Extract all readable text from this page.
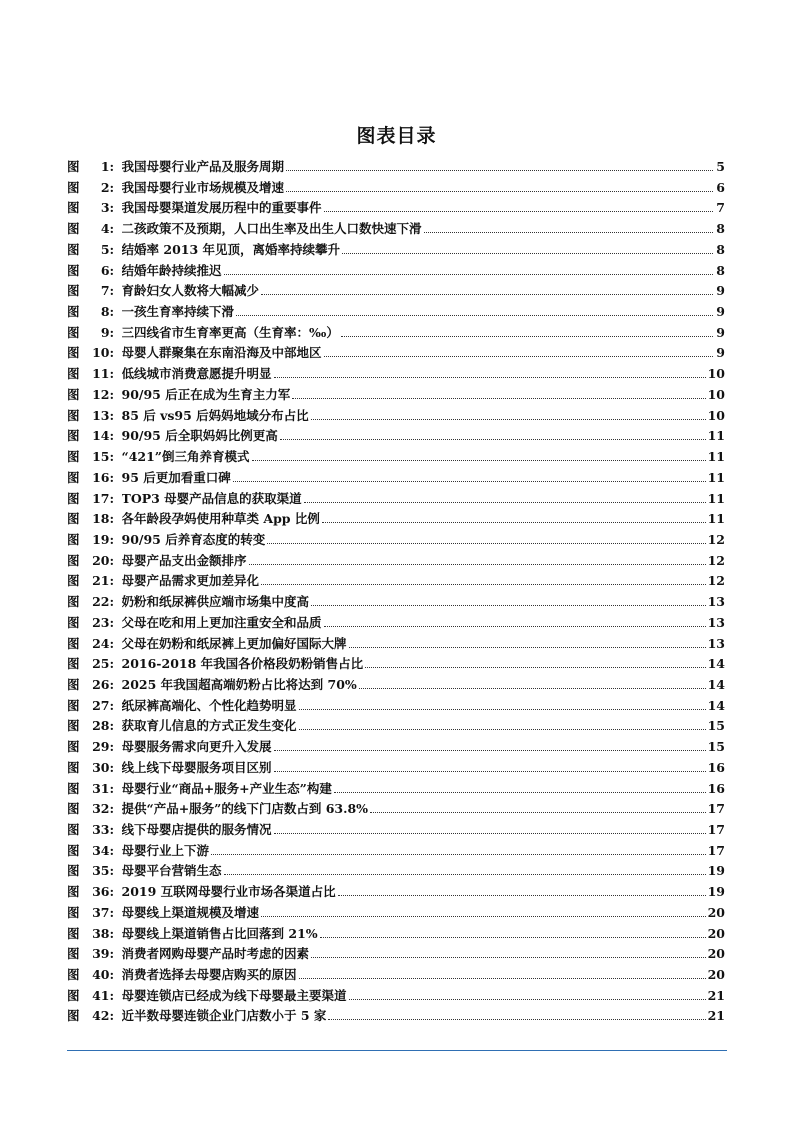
图表目录
图	1 : 我国母婴行业产品及服务周期	5
图	2 : 我国母婴行业市场规模及增速	6
图	3 : 我国母婴渠道发展历程中的重要事件	7
图	4 : 二孩政策不及预期，人口出生率及出生人口数快速下滑	8
图	5 : 结婚率 2013 年见顶，离婚率持续攀升	8
图	6 : 结婚年龄持续推迟	8
图	7 : 育龄妇女人数将大幅减少	9
图	8 : 一孩生育率持续下滑	9
图	9 : 三四线省市生育率更高（生育率：‰）	9
图	10 : 母婴人群聚集在东南沿海及中部地区	9
图	11 : 低线城市消费意愿提升明显	10
图	12 : 90/95 后正在成为生育主力军	10
图	13 : 85 后 vs95 后妈妈地域分布占比	10
图	14 : 90/95 后全职妈妈比例更高	11
图	15 : “421”倒三角养育模式	11
图	16 : 95 后更加看重口碑	11
图	17 : TOP3 母婴产品信息的获取渠道	11
图	18 : 各年龄段孕妈使用种草类 App 比例	11
图	19 : 90/95 后养育态度的转变	12
图	20 : 母婴产品支出金额排序	12
图	21 : 母婴产品需求更加差异化	12
图	22 : 奶粉和纸尿裤供应端市场集中度高	13
图	23 : 父母在吃和用上更加注重安全和品质	13
图	24 : 父母在奶粉和纸尿裤上更加偏好国际大牌	13
图	25 : 2016-2018 年我国各价格段奶粉销售占比	14
图	26 : 2025 年我国超高端奶粉占比将达到 70%	14
图	27 : 纸尿裤高端化、个性化趋势明显	14
图	28 : 获取育儿信息的方式正发生变化	15
图	29 : 母婴服务需求向更升入发展	15
图	30 : 线上线下母婴服务项目区别	16
图	31 : 母婴行业“商品+服务+产业生态”构建	16
图	32 : 提供“产品+服务”的线下门店数占到 63.8%	17
图	33 : 线下母婴店提供的服务情况	17
图	34 : 母婴行业上下游	17
图	35 : 母婴平台营销生态	19
图	36 : 2019 互联网母婴行业市场各渠道占比	19
图	37 : 母婴线上渠道规模及增速	20
图	38 : 母婴线上渠道销售占比回落到 21%	20
图	39 : 消费者网购母婴产品时考虑的因素	20
图	40 : 消费者选择去母婴店购买的原因	20
图	41 : 母婴连锁店已经成为线下母婴最主要渠道	21
图	42 : 近半数母婴连锁企业门店数小于 5 家	21
